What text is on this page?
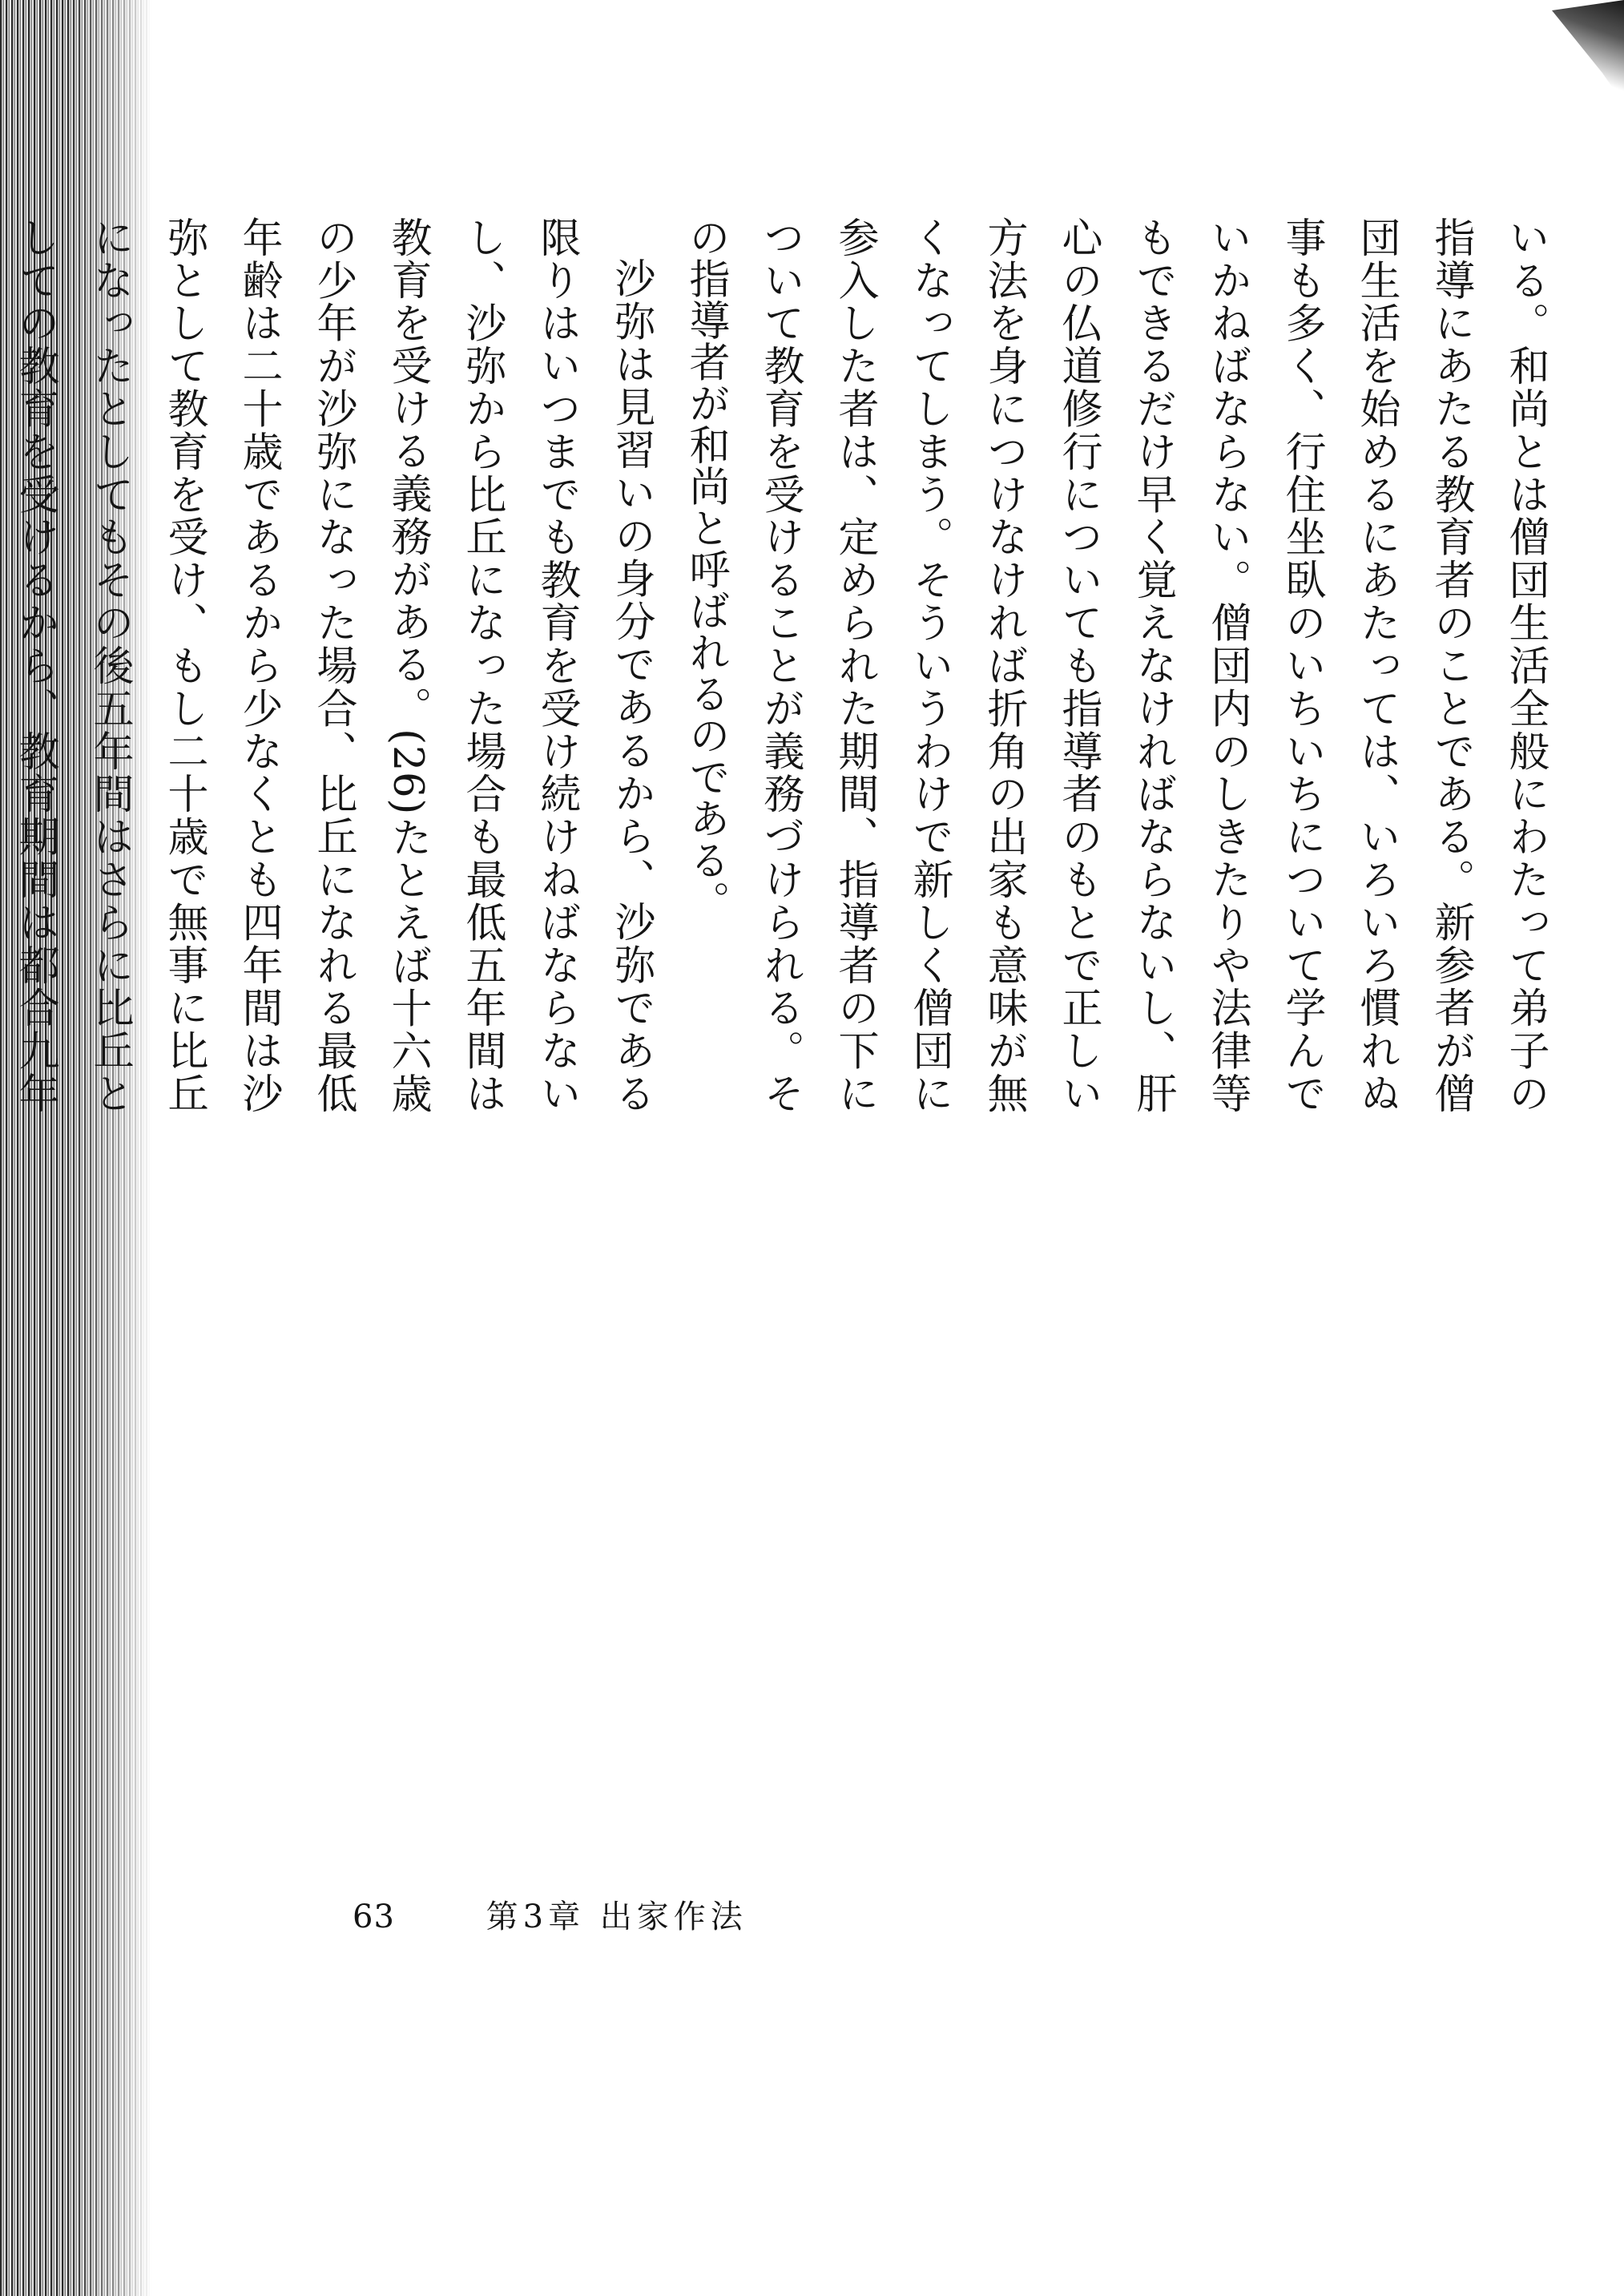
いる。和尚とは僧団生活全般にわたって弟子の指導にあたる教育者のことである。新参者が僧団生活を始めるにあたっては、いろいろ慣れぬ事も多く、行住坐臥のいちいちについて学んでいかねばならない。僧団内のしきたりや法律等もできるだけ早く覚えなければならないし、肝心の仏道修行についても指導者のもとで正しい方法を身につけなければ折角の出家も意味が無くなってしまう。そういうわけで新しく僧団に参入した者は、定められた期間、指導者の下について教育を受けることが義務づけられる。その指導者が和尚と呼ばれるのである。

沙弥は見習いの身分であるから、沙弥である限りはいつまでも教育を受け続けねばならないし、沙弥から比丘になった場合も最低五年間は教育を受ける義務がある。(26)たとえば十六歳の少年が沙弥になった場合、比丘になれる最低年齢は二十歳であるから少なくとも四年間は沙弥として教育を受け、もし二十歳で無事に比丘になったとしてもその後五年間はさらに比丘としての教育を受けるから、教育期間は都合九年

63	第3章 出家作法
